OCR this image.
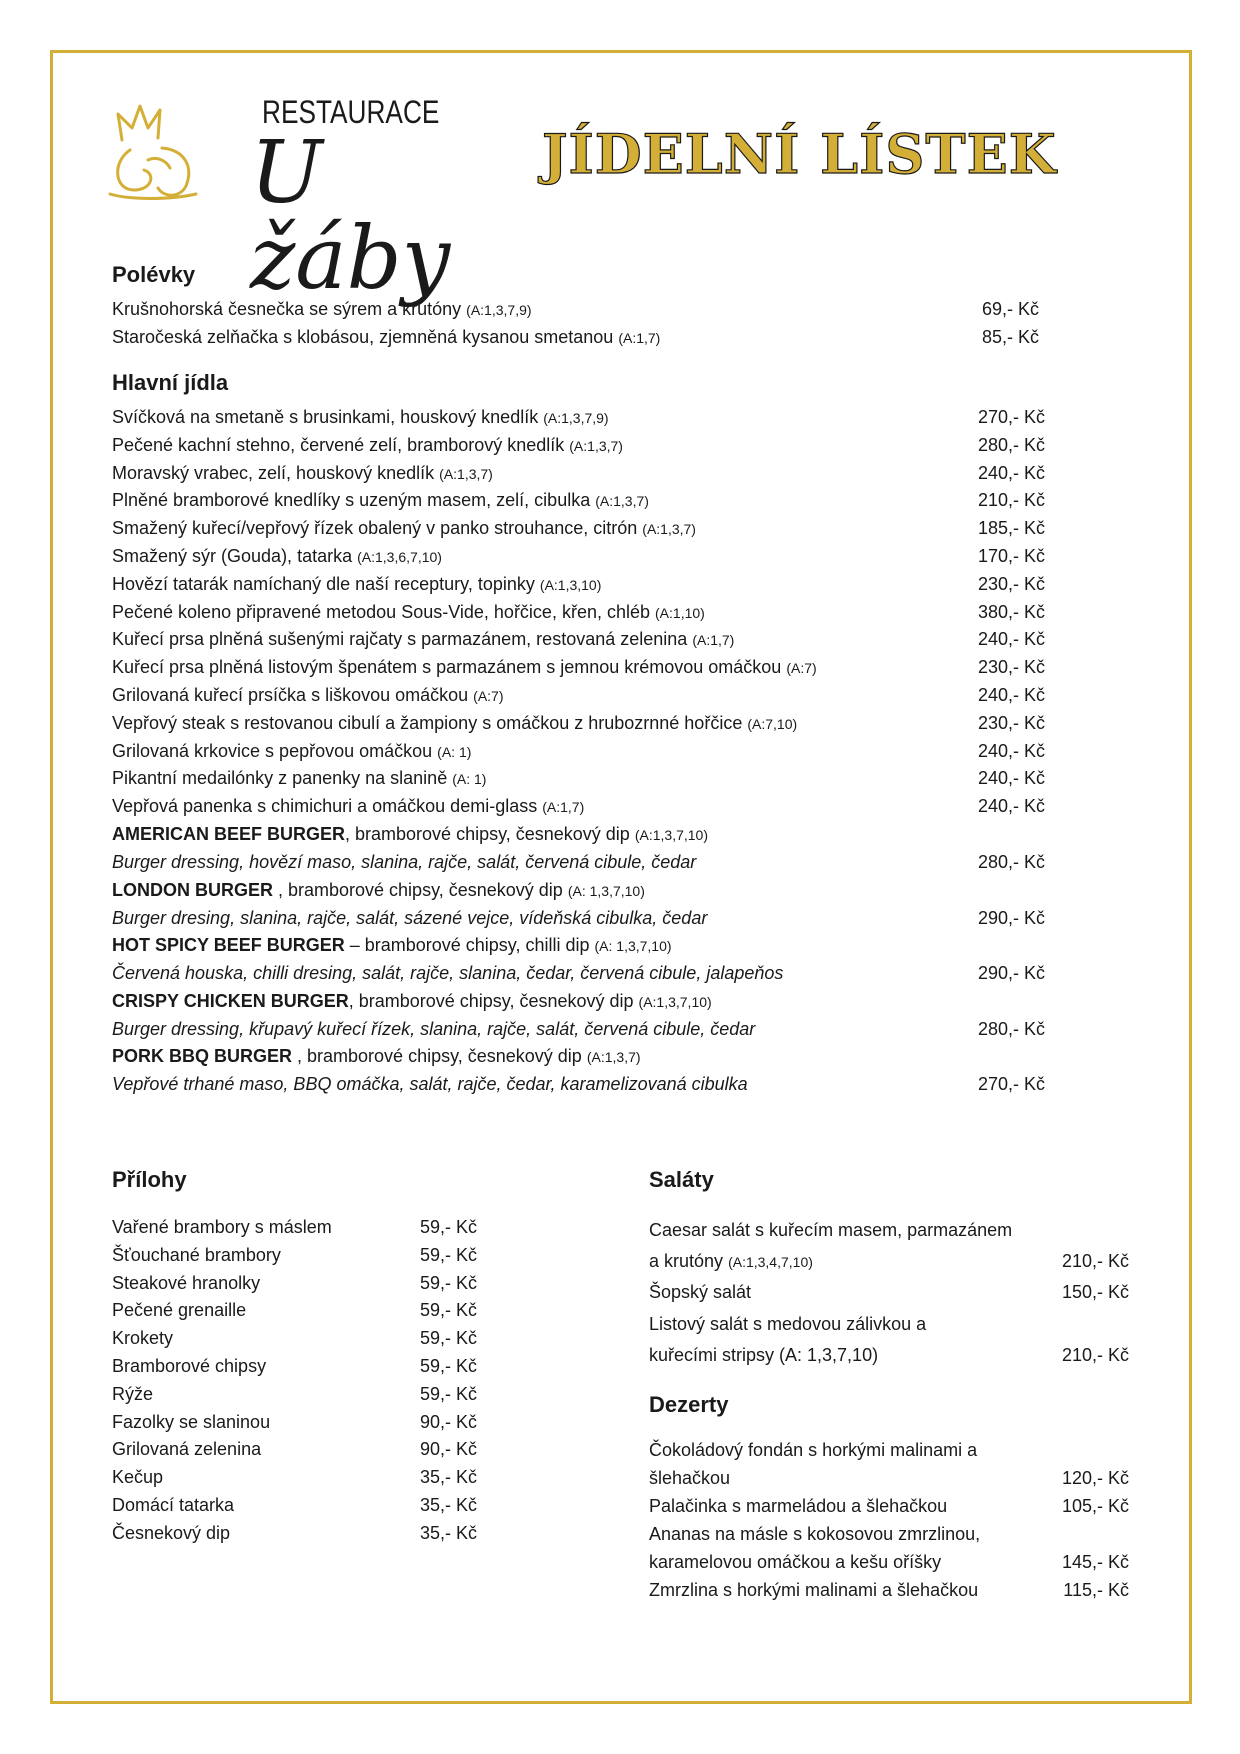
RESTAURACE
U žáby
JÍDELNÍ LÍSTEK
Polévky
Krušnohorská česnečka se sýrem a krutóny (A:1,3,7,9)	69,- Kč
Staročeská zelňačka s klobásou, zjemněná kysanou smetanou (A:1,7)	85,- Kč
Hlavní jídla
Svíčková na smetaně s brusinkami, houskový knedlík (A:1,3,7,9)	270,- Kč
Pečené kachní stehno, červené zelí, bramborový knedlík (A:1,3,7)	280,- Kč
Moravský vrabec, zelí, houskový knedlík (A:1,3,7)	240,- Kč
Plněné bramborové knedlíky s uzeným masem, zelí, cibulka (A:1,3,7)	210,- Kč
Smažený kuřecí/vepřový řízek obalený v panko strouhance, citrón (A:1,3,7)	185,- Kč
Smažený sýr (Gouda), tatarka (A:1,3,6,7,10)	170,- Kč
Hovězí tatarák namíchaný dle naší receptury, topinky (A:1,3,10)	230,- Kč
Pečené koleno připravené metodou Sous-Vide, hořčice, křen, chléb (A:1,10)	380,- Kč
Kuřecí prsa plněná sušenými rajčaty s parmazánem, restovaná zelenina (A:1,7)	240,- Kč
Kuřecí prsa plněná listovým špenátem s parmazánem s jemnou krémovou omáčkou (A:7)	230,- Kč
Grilovaná kuřecí prsíčka s liškovou omáčkou (A:7)	240,- Kč
Vepřový steak s restovanou cibulí a žampiony s omáčkou z hrubozrnné hořčice (A:7,10)	230,- Kč
Grilovaná krkovice s pepřovou omáčkou (A: 1)	240,- Kč
Pikantní medailónky z panenky na slanině (A: 1)	240,- Kč
Vepřová panenka s chimichuri a omáčkou demi-glass (A:1,7)	240,- Kč
AMERICAN BEEF BURGER, bramborové chipsy, česnekový dip (A:1,3,7,10)
Burger dressing, hovězí maso, slanina, rajče, salát, červená cibule, čedar	280,- Kč
LONDON BURGER , bramborové chipsy, česnekový dip (A: 1,3,7,10)
Burger dresing, slanina, rajče, salát, sázené vejce, vídeňská cibulka, čedar	290,- Kč
HOT SPICY BEEF BURGER – bramborové chipsy, chilli dip (A: 1,3,7,10)
Červená houska, chilli dresing, salát, rajče, slanina, čedar, červená cibule, jalapeňos	290,- Kč
CRISPY CHICKEN BURGER, bramborové chipsy, česnekový dip (A:1,3,7,10)
Burger dressing, křupavý kuřecí řízek, slanina, rajče, salát, červená cibule, čedar	280,- Kč
PORK BBQ BURGER , bramborové chipsy, česnekový dip (A:1,3,7)
Vepřové trhané maso, BBQ omáčka, salát, rajče, čedar, karamelizovaná cibulka	270,- Kč
Přílohy
Vařené brambory s máslem	59,- Kč
Šťouchané brambory	59,- Kč
Steakové hranolky	59,- Kč
Pečené grenaille	59,- Kč
Krokety	59,- Kč
Bramborové chipsy	59,- Kč
Rýže	59,- Kč
Fazolky se slaninou	90,- Kč
Grilovaná zelenina	90,- Kč
Kečup	35,- Kč
Domácí tatarka	35,- Kč
Česnekový dip	35,- Kč
Saláty
Caesar salát s kuřecím masem, parmazánem
a krutóny (A:1,3,4,7,10)	210,- Kč
Šopský salát	150,- Kč
Listový salát s medovou zálivkou a
kuřecími stripsy (A: 1,3,7,10)	210,- Kč
Dezerty
Čokoládový fondán s horkými malinami a
šlehačkou	120,- Kč
Palačinka s marmeládou a šlehačkou	105,- Kč
Ananas na másle s kokosovou zmrzlinou,
karamelovou omáčkou a kešu oříšky	145,- Kč
Zmrzlina s horkými malinami a šlehačkou	115,- Kč
